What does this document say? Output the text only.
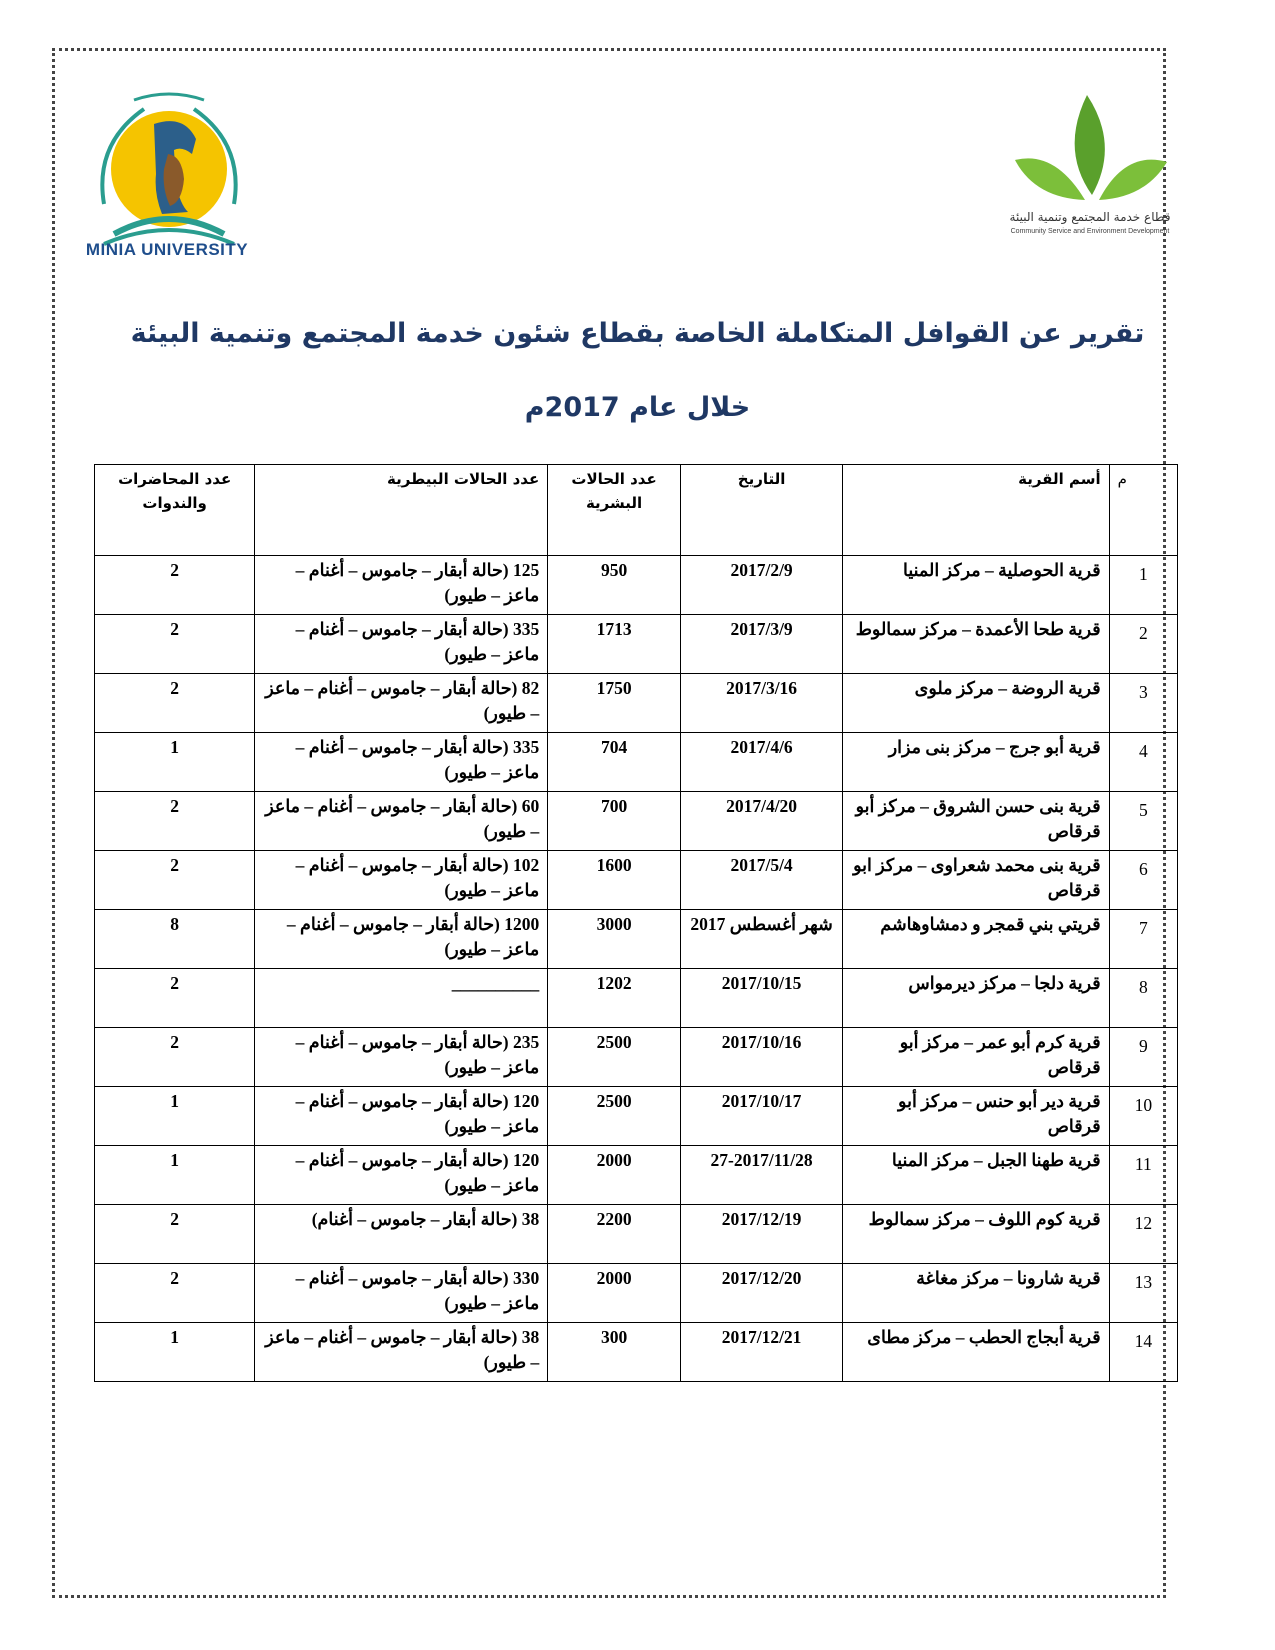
MINIA UNIVERSITY
قطاع خدمة المجتمع وتنمية البيئة
Community Service and Environment Development
تقرير عن القوافل المتكاملة الخاصة بقطاع شئون خدمة المجتمع وتنمية البيئة
خلال عام 2017م
م	أسم القرية	التاريخ	عدد الحالات البشرية	عدد الحالات البيطرية	عدد المحاضرات والندوات
1	قرية الحوصلية – مركز المنيا	2017/2/9	950	125 (حالة أبقار – جاموس – أغنام – ماعز – طيور)	2
2	قرية طحا الأعمدة – مركز سمالوط	2017/3/9	1713	335 (حالة أبقار – جاموس – أغنام – ماعز – طيور)	2
3	قرية الروضة – مركز ملوى	2017/3/16	1750	82 (حالة أبقار – جاموس – أغنام – ماعز – طيور)	2
4	قرية أبو جرج – مركز بنى مزار	2017/4/6	704	335 (حالة أبقار – جاموس – أغنام – ماعز – طيور)	1
5	قرية بنى حسن الشروق – مركز أبو قرقاص	2017/4/20	700	60 (حالة أبقار – جاموس – أغنام – ماعز – طيور)	2
6	قرية بنى محمد شعراوى – مركز ابو قرقاص	2017/5/4	1600	102 (حالة أبقار – جاموس – أغنام – ماعز – طيور)	2
7	قريتي بني قمجر و دمشاوهاشم	شهر أغسطس 2017	3000	1200 (حالة أبقار – جاموس – أغنام – ماعز – طيور)	8
8	قرية دلجا – مركز ديرمواس	2017/10/15	1202	__________	2
9	قرية كرم أبو عمر – مركز أبو قرقاص	2017/10/16	2500	235 (حالة أبقار – جاموس – أغنام – ماعز – طيور)	2
10	قرية دير أبو حنس – مركز أبو قرقاص	2017/10/17	2500	120 (حالة أبقار – جاموس – أغنام – ماعز – طيور)	1
11	قرية طهنا الجبل – مركز المنيا	27-2017/11/28	2000	120 (حالة أبقار – جاموس – أغنام – ماعز – طيور)	1
12	قرية كوم اللوف – مركز سمالوط	2017/12/19	2200	38 (حالة أبقار – جاموس – أغنام)	2
13	قرية شارونا – مركز مغاغة	2017/12/20	2000	330 (حالة أبقار – جاموس – أغنام – ماعز – طيور)	2
14	قرية أبجاج الحطب – مركز مطاى	2017/12/21	300	38 (حالة أبقار – جاموس – أغنام – ماعز – طيور)	1
